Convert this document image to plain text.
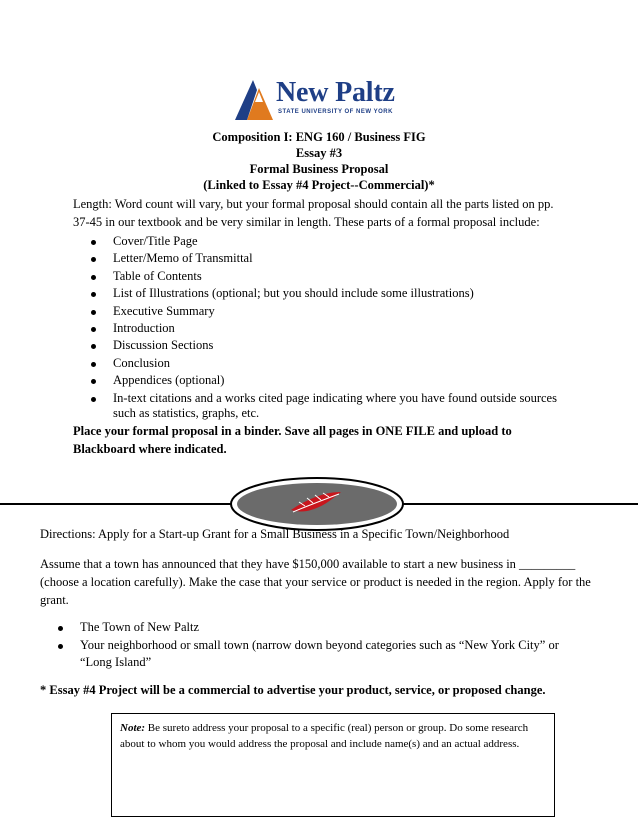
New Paltz
STATE UNIVERSITY OF NEW YORK
Composition I: ENG 160 / Business FIG
Essay #3
Formal Business Proposal
(Linked to Essay #4 Project--Commercial)*
Length: Word count will vary, but your formal proposal should contain all the parts listed on pp.
37-45 in our textbook and be very similar in length. These parts of a formal proposal include:
Cover/Title Page
Letter/Memo of Transmittal
Table of Contents
List of Illustrations (optional; but you should include some illustrations)
Executive Summary
Introduction
Discussion Sections
Conclusion
Appendices (optional)
In-text citations and a works cited page indicating where you have found outside sources
such as statistics, graphs, etc.
Place your formal proposal in a binder. Save all pages in ONE FILE and upload to
Blackboard where indicated.
Directions: Apply for a Start-up Grant for a Small Business in a Specific Town/Neighborhood
Assume that a town has announced that they have $150,000 available to start a new business in _________
(choose a location carefully). Make the case that your service or product is needed in the region. Apply for the
grant.
The Town of New Paltz
Your neighborhood or small town (narrow down beyond categories such as “New York City” or
“Long Island”
* Essay #4 Project will be a commercial to advertise your product, service, or proposed change.
Note: Be sureto address your proposal to a specific (real) person or group. Do some research
about to whom you would address the proposal and include name(s) and an actual address.
